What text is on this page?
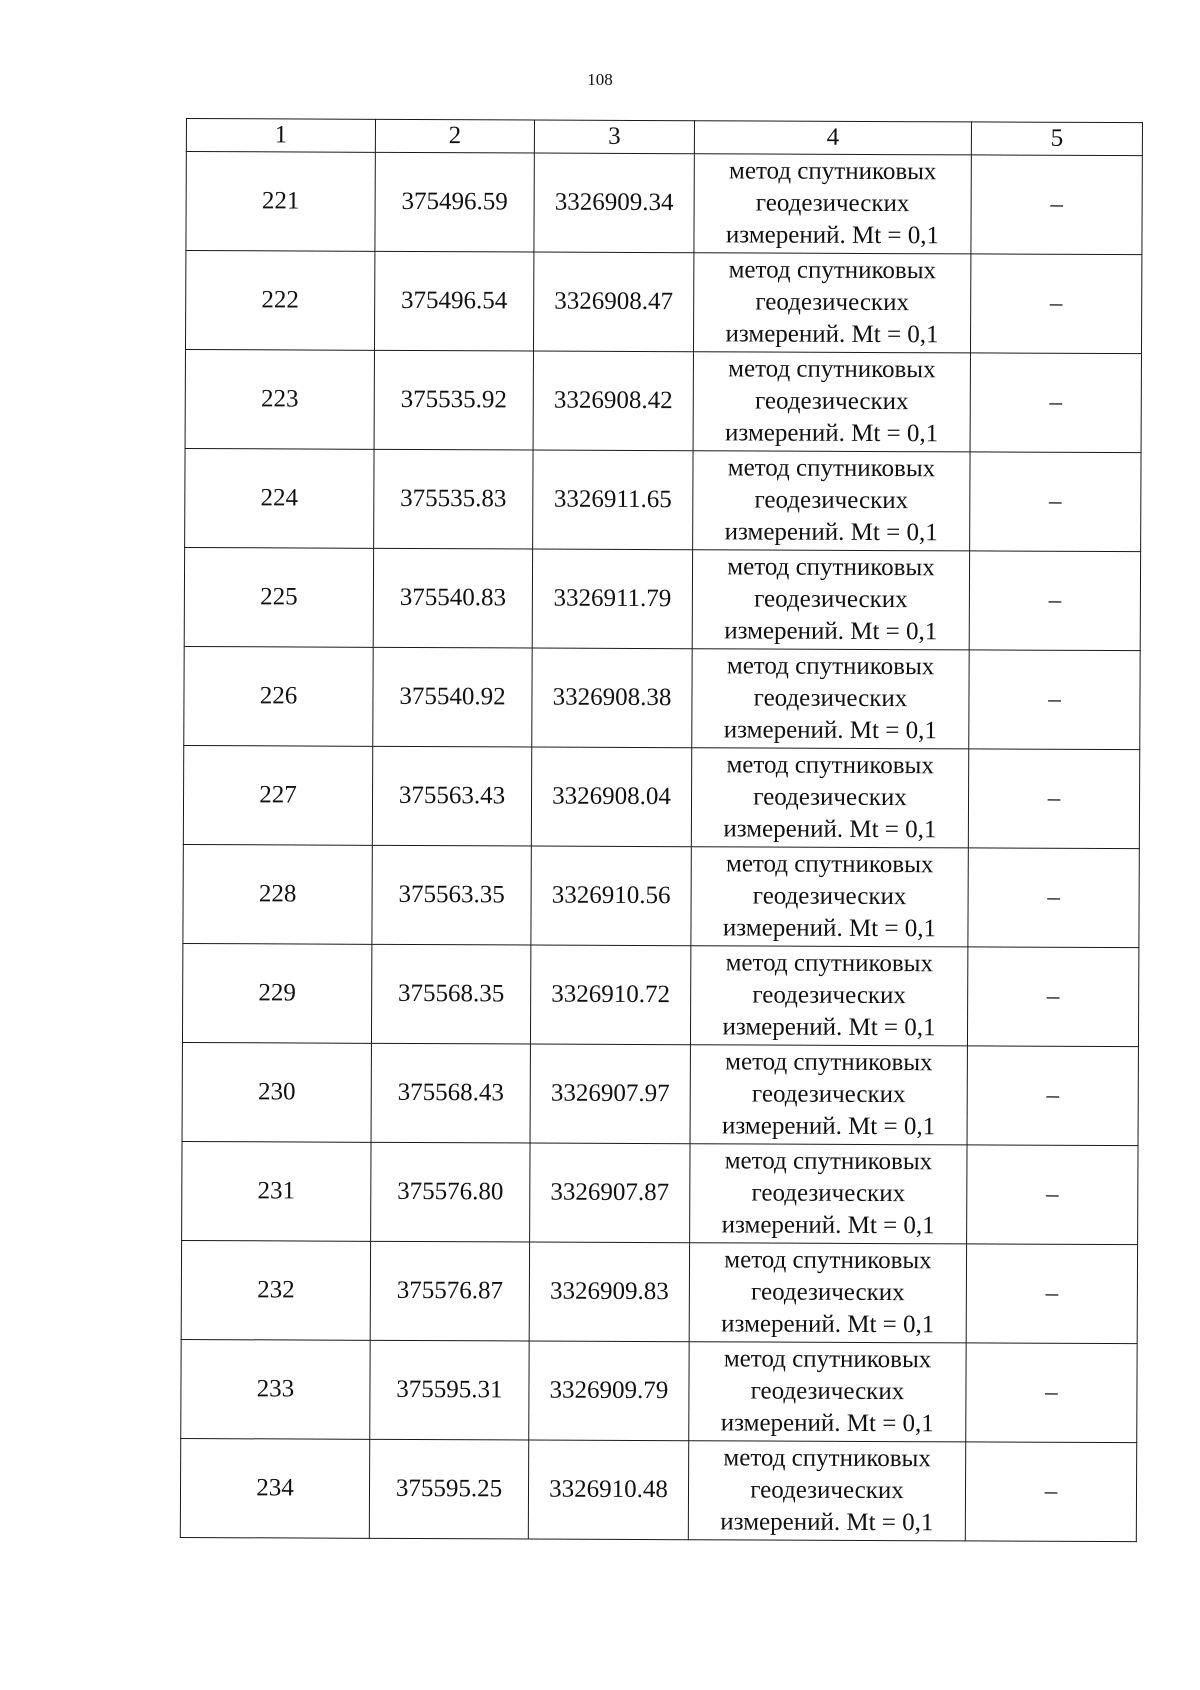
108
1	2	3	4	5
221	375496.59	3326909.34	метод спутниковых
геодезических
измерений. Mt = 0,1	–
222	375496.54	3326908.47	метод спутниковых
геодезических
измерений. Mt = 0,1	–
223	375535.92	3326908.42	метод спутниковых
геодезических
измерений. Mt = 0,1	–
224	375535.83	3326911.65	метод спутниковых
геодезических
измерений. Mt = 0,1	–
225	375540.83	3326911.79	метод спутниковых
геодезических
измерений. Mt = 0,1	–
226	375540.92	3326908.38	метод спутниковых
геодезических
измерений. Mt = 0,1	–
227	375563.43	3326908.04	метод спутниковых
геодезических
измерений. Mt = 0,1	–
228	375563.35	3326910.56	метод спутниковых
геодезических
измерений. Mt = 0,1	–
229	375568.35	3326910.72	метод спутниковых
геодезических
измерений. Mt = 0,1	–
230	375568.43	3326907.97	метод спутниковых
геодезических
измерений. Mt = 0,1	–
231	375576.80	3326907.87	метод спутниковых
геодезических
измерений. Mt = 0,1	–
232	375576.87	3326909.83	метод спутниковых
геодезических
измерений. Mt = 0,1	–
233	375595.31	3326909.79	метод спутниковых
геодезических
измерений. Mt = 0,1	–
234	375595.25	3326910.48	метод спутниковых
геодезических
измерений. Mt = 0,1	–
